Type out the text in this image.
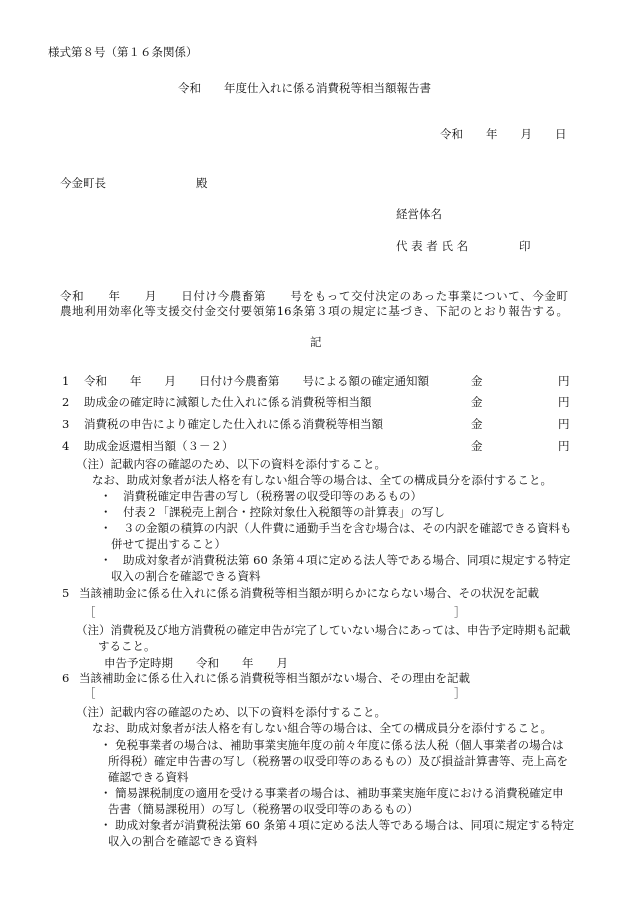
様式第８号（第１６条関係）
令和　　年度仕入れに係る消費税等相当額報告書
令和　　年　　月　　日
今金町長	殿
経営体名
代 表 者 氏 名	印
令和　　年　　月　　日付け今農畜第　　号をもって交付決定のあった事業について、今金町
農地利用効率化等支援交付金交付要領第16条第３項の規定に基づき、下記のとおり報告する。
記
1 令和　　年　　月　　日付け今農畜第　　号による額の確定通知額	金	円
2 助成金の確定時に減額した仕入れに係る消費税等相当額	金	円
3 消費税の申告により確定した仕入れに係る消費税等相当額	金	円
4 助成金返還相当額（３－２）	金	円
（注）記載内容の確認のため、以下の資料を添付すること。
なお、助成対象者が法人格を有しない組合等の場合は、全ての構成員分を添付すること。
・　消費税確定申告書の写し（税務署の収受印等のあるもの）
・　付表２「課税売上割合・控除対象仕入税額等の計算表」の写し
・　３の金額の積算の内訳（人件費に通勤手当を含む場合は、その内訳を確認できる資料も
併せて提出すること）
・　助成対象者が消費税法第 60 条第４項に定める法人等である場合、同項に規定する特定
収入の割合を確認できる資料
5 当該補助金に係る仕入れに係る消費税等相当額が明らかにならない場合、その状況を記載
［	］
（注）消費税及び地方消費税の確定申告が完了していない場合にあっては、申告予定時期も記載
すること。
申告予定時期　　令和　　年　　月
6 当該補助金に係る仕入れに係る消費税等相当額がない場合、その理由を記載
［	］
（注）記載内容の確認のため、以下の資料を添付すること。
なお、助成対象者が法人格を有しない組合等の場合は、全ての構成員分を添付すること。
・ 免税事業者の場合は、補助事業実施年度の前々年度に係る法人税（個人事業者の場合は
所得税）確定申告書の写し（税務署の収受印等のあるもの）及び損益計算書等、売上高を
確認できる資料
・ 簡易課税制度の適用を受ける事業者の場合は、補助事業実施年度における消費税確定申
告書（簡易課税用）の写し（税務署の収受印等のあるもの）
・ 助成対象者が消費税法第 60 条第４項に定める法人等である場合は、同項に規定する特定
収入の割合を確認できる資料
